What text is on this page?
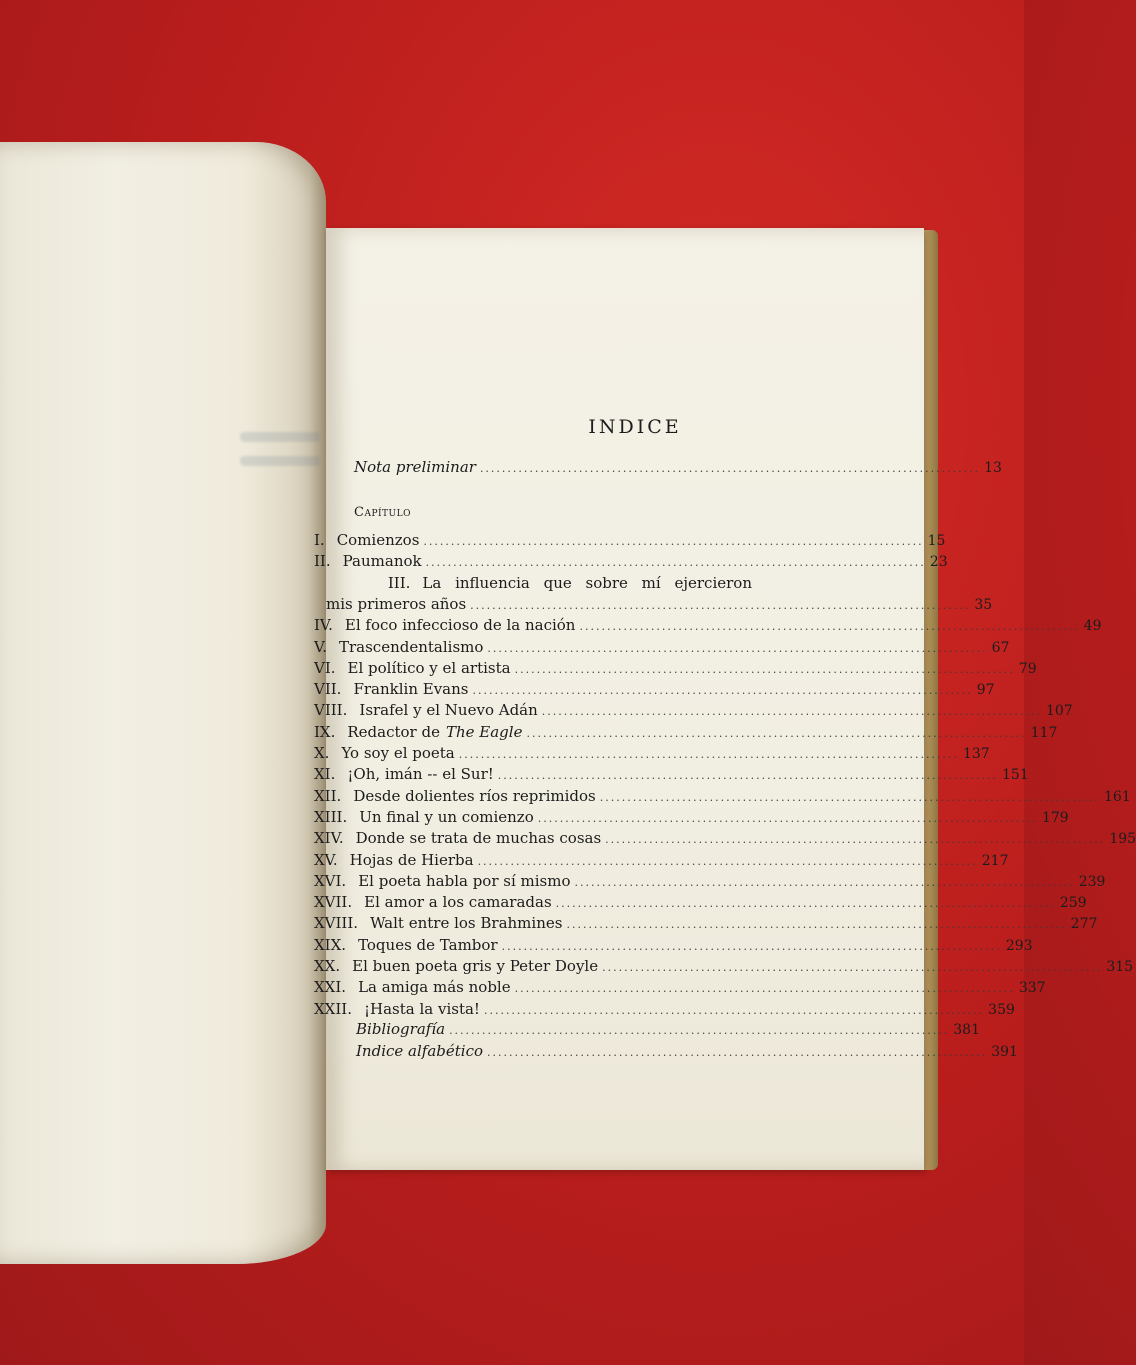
INDICE
Nota preliminar ........................................................................................... 13
Capítulo
I. Comienzos ........................................................................................... 15
II. Paumanok ........................................................................................... 23
III. La influencia que sobre mí ejercieron
mis primeros años ........................................................................................... 35
IV. El foco infeccioso de la nación ........................................................................................... 49
V. Trascendentalismo ........................................................................................... 67
VI. El político y el artista ........................................................................................... 79
VII. Franklin Evans ........................................................................................... 97
VIII. Israfel y el Nuevo Adán ........................................................................................... 107
IX. Redactor de The Eagle ........................................................................................... 117
X. Yo soy el poeta ........................................................................................... 137
XI. ¡Oh, imán -- el Sur! ........................................................................................... 151
XII. Desde dolientes ríos reprimidos ........................................................................................... 161
XIII. Un final y un comienzo ........................................................................................... 179
XIV. Donde se trata de muchas cosas ........................................................................................... 195
XV. Hojas de Hierba ........................................................................................... 217
XVI. El poeta habla por sí mismo ........................................................................................... 239
XVII. El amor a los camaradas ........................................................................................... 259
XVIII. Walt entre los Brahmines ........................................................................................... 277
XIX. Toques de Tambor ........................................................................................... 293
XX. El buen poeta gris y Peter Doyle ........................................................................................... 315
XXI. La amiga más noble ........................................................................................... 337
XXII. ¡Hasta la vista! ........................................................................................... 359
Bibliografía ........................................................................................... 381
Indice alfabético ........................................................................................... 391
